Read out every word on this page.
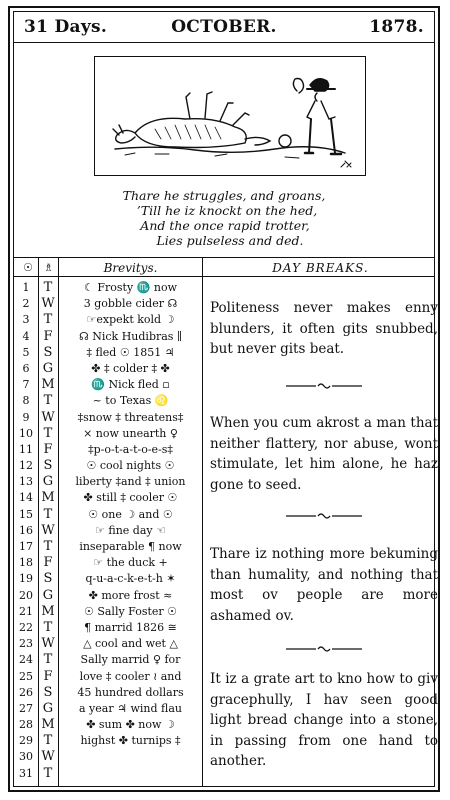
31 Days.	OCTOBER.	1878.
Thare he struggles, and groans,
’Till he iz knockt on the hed,
And the once rapid trotter,
Lies pulseless and ded.
☉ ♗	Brevitys.	DAY BREAKS.
1	T	☾ Frosty ♏ now
2 W	3 gobble cider ☊
3	T	☞expekt kold ☽
4	F	☊ Nick Hudibras ∥
5	S	‡ fled ☉ 1851 ♃
6	G	✤ ‡ colder ‡ ✤
7 M	♏ Nick fled ▫
8	T	~ to Texas ♌
9 W	‡snow ‡ threatens‡
10 T	× now unearth ♀
11 F	‡p-o-t-a-t-o-e-s‡
12 S	☉ cool nights ☉
13 G	liberty ‡and ‡ union
14 M	✤ still ‡ cooler ☉
15 T	☉ one ☽ and ☉
16 W	☞ fine day ☜
17 T	inseparable ¶ now
18 F	☞ the duck +
19 S	q-u-a-c-k-e-t-h ✶
20 G	✤ more frost ≈
21 M	☉ Sally Foster ☉
22 T	¶ marrid 1826 ≅
23 W	△ cool and wet △
24 T	Sally marrid ♀ for
25 F	love ‡ cooler ≀ and
26 S	45 hundred dollars
27 G	a year ♃ wind flau
28 M	✤ sum ✤ now ☽
29 T	highst ✤ turnips ‡
30 W
31 T
Politeness never makes enny blunders, it often gits snubbed, but never gits beat.
When you cum akrost a man that neither flattery, nor abuse, wont stimulate, let him alone, he haz gone to seed.
Thare iz nothing more bekuming than humality, and nothing that most ov people are more ashamed ov.
It iz a grate art to kno how to giv gracephully, I hav seen good light bread change into a stone, in passing from one hand to another.
